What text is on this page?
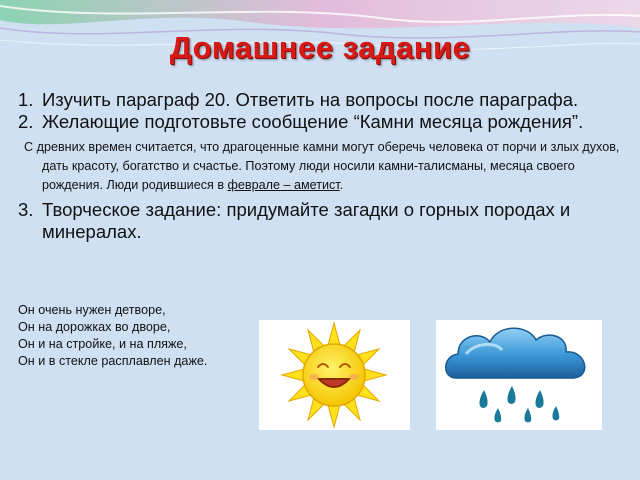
Домашнее задание
1. Изучить параграф 20. Ответить на вопросы после параграфа.
2. Желающие подготовьте сообщение “Камни месяца рождения”.
С древних времен считается, что драгоценные камни могут оберечь человека от порчи и злых духов, дать красоту, богатство и счастье. Поэтому люди носили камни-талисманы, месяца своего рождения. Люди родившиеся в феврале – аметист.
3. Творческое задание: придумайте загадки о горных породах и минералах.
Он очень нужен детворе,
Он на дорожках во дворе,
Он и на стройке, и на пляже,
Он и в стекле расплавлен даже.
